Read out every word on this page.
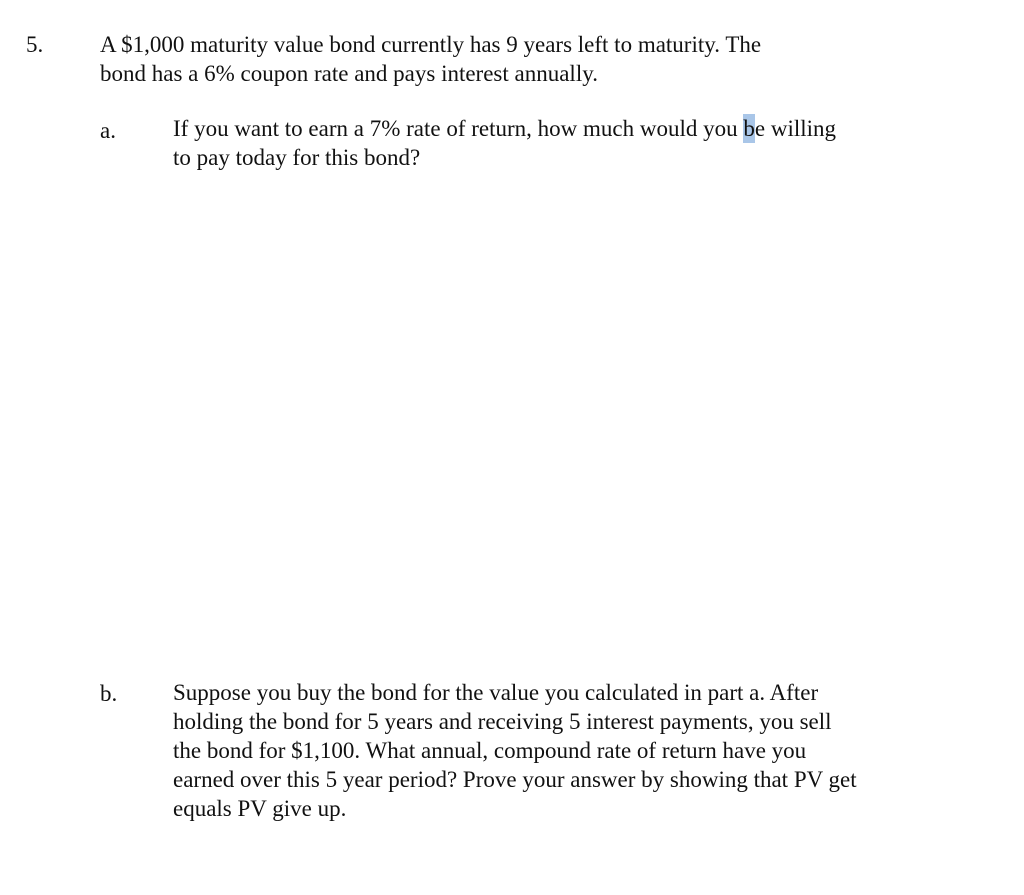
5. A $1,000 maturity value bond currently has 9 years left to maturity. The
bond has a 6% coupon rate and pays interest annually.
a. If you want to earn a 7% rate of return, how much would you be willing
to pay today for this bond?
b. Suppose you buy the bond for the value you calculated in part a. After
holding the bond for 5 years and receiving 5 interest payments, you sell
the bond for $1,100. What annual, compound rate of return have you
earned over this 5 year period? Prove your answer by showing that PV get
equals PV give up.
